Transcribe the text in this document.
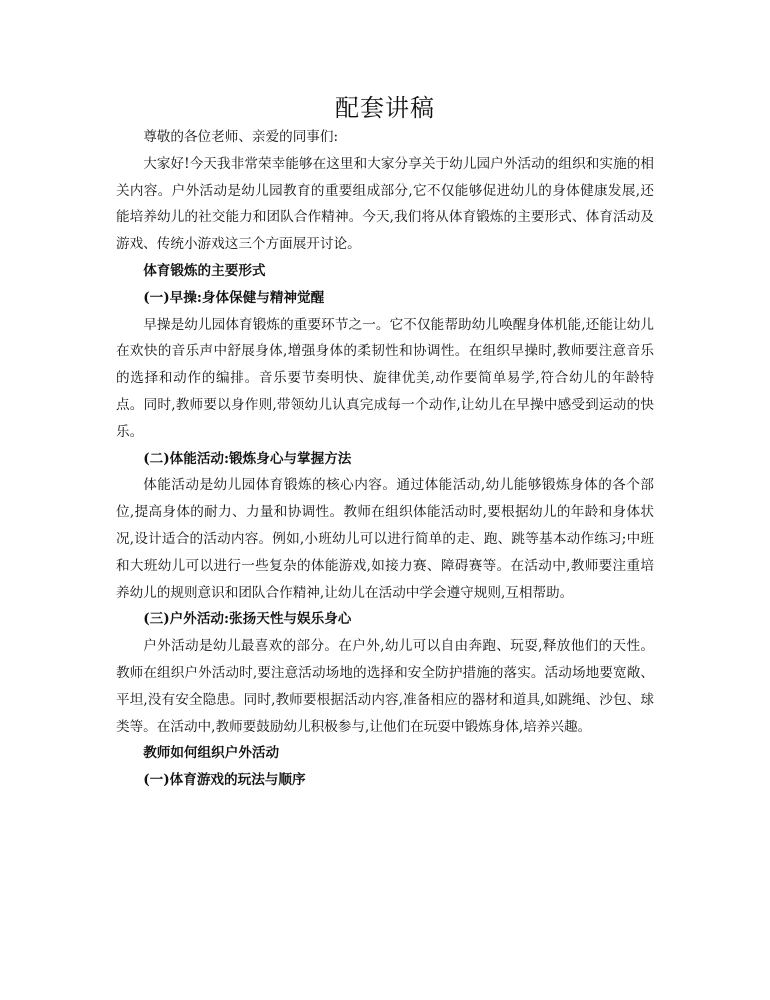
配套讲稿

尊敬的各位老师、亲爱的同事们:

大家好!今天我非常荣幸能够在这里和大家分享关于幼儿园户外活动的组织和实施的相关内容。户外活动是幼儿园教育的重要组成部分,它不仅能够促进幼儿的身体健康发展,还能培养幼儿的社交能力和团队合作精神。今天,我们将从体育锻炼的主要形式、体育活动及游戏、传统小游戏这三个方面展开讨论。

体育锻炼的主要形式

(一)早操:身体保健与精神觉醒

早操是幼儿园体育锻炼的重要环节之一。它不仅能帮助幼儿唤醒身体机能,还能让幼儿在欢快的音乐声中舒展身体,增强身体的柔韧性和协调性。在组织早操时,教师要注意音乐的选择和动作的编排。音乐要节奏明快、旋律优美,动作要简单易学,符合幼儿的年龄特点。同时,教师要以身作则,带领幼儿认真完成每一个动作,让幼儿在早操中感受到运动的快乐。

(二)体能活动:锻炼身心与掌握方法

体能活动是幼儿园体育锻炼的核心内容。通过体能活动,幼儿能够锻炼身体的各个部位,提高身体的耐力、力量和协调性。教师在组织体能活动时,要根据幼儿的年龄和身体状况,设计适合的活动内容。例如,小班幼儿可以进行简单的走、跑、跳等基本动作练习;中班和大班幼儿可以进行一些复杂的体能游戏,如接力赛、障碍赛等。在活动中,教师要注重培养幼儿的规则意识和团队合作精神,让幼儿在活动中学会遵守规则,互相帮助。

(三)户外活动:张扬天性与娱乐身心

户外活动是幼儿最喜欢的部分。在户外,幼儿可以自由奔跑、玩耍,释放他们的天性。教师在组织户外活动时,要注意活动场地的选择和安全防护措施的落实。活动场地要宽敞、平坦,没有安全隐患。同时,教师要根据活动内容,准备相应的器材和道具,如跳绳、沙包、球类等。在活动中,教师要鼓励幼儿积极参与,让他们在玩耍中锻炼身体,培养兴趣。

教师如何组织户外活动

(一)体育游戏的玩法与顺序
